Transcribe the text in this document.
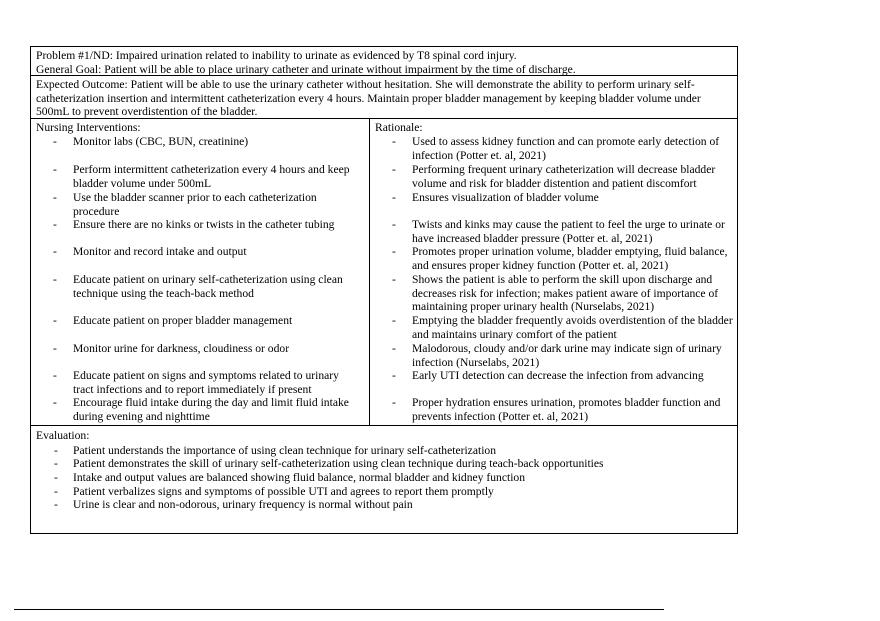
Problem #1/ND: Impaired urination related to inability to urinate as evidenced by T8 spinal cord injury.
General Goal: Patient will be able to place urinary catheter and urinate without impairment by the time of discharge.
Expected Outcome: Patient will be able to use the urinary catheter without hesitation. She will demonstrate the ability to perform urinary self-
catheterization insertion and intermittent catheterization every 4 hours. Maintain proper bladder management by keeping bladder volume under
500mL to prevent overdistention of the bladder.
Nursing Interventions:
- Monitor labs (CBC, BUN, creatinine)
- Perform intermittent catheterization every 4 hours and keep bladder volume under 500mL
- Use the bladder scanner prior to each catheterization procedure
- Ensure there are no kinks or twists in the catheter tubing
- Monitor and record intake and output
- Educate patient on urinary self-catheterization using clean technique using the teach-back method
- Educate patient on proper bladder management
- Monitor urine for darkness, cloudiness or odor
- Educate patient on signs and symptoms related to urinary tract infections and to report immediately if present
- Encourage fluid intake during the day and limit fluid intake during evening and nighttime
Rationale:
- Used to assess kidney function and can promote early detection of infection (Potter et. al, 2021)
- Performing frequent urinary catheterization will decrease bladder volume and risk for bladder distention and patient discomfort
- Ensures visualization of bladder volume
- Twists and kinks may cause the patient to feel the urge to urinate or have increased bladder pressure (Potter et. al, 2021)
- Promotes proper urination volume, bladder emptying, fluid balance, and ensures proper kidney function (Potter et. al, 2021)
- Shows the patient is able to perform the skill upon discharge and decreases risk for infection; makes patient aware of importance of maintaining proper urinary health (Nurselabs, 2021)
- Emptying the bladder frequently avoids overdistention of the bladder and maintains urinary comfort of the patient
- Malodorous, cloudy and/or dark urine may indicate sign of urinary infection (Nurselabs, 2021)
- Early UTI detection can decrease the infection from advancing
- Proper hydration ensures urination, promotes bladder function and prevents infection (Potter et. al, 2021)
Evaluation:
- Patient understands the importance of using clean technique for urinary self-catheterization
- Patient demonstrates the skill of urinary self-catheterization using clean technique during teach-back opportunities
- Intake and output values are balanced showing fluid balance, normal bladder and kidney function
- Patient verbalizes signs and symptoms of possible UTI and agrees to report them promptly
- Urine is clear and non-odorous, urinary frequency is normal without pain
